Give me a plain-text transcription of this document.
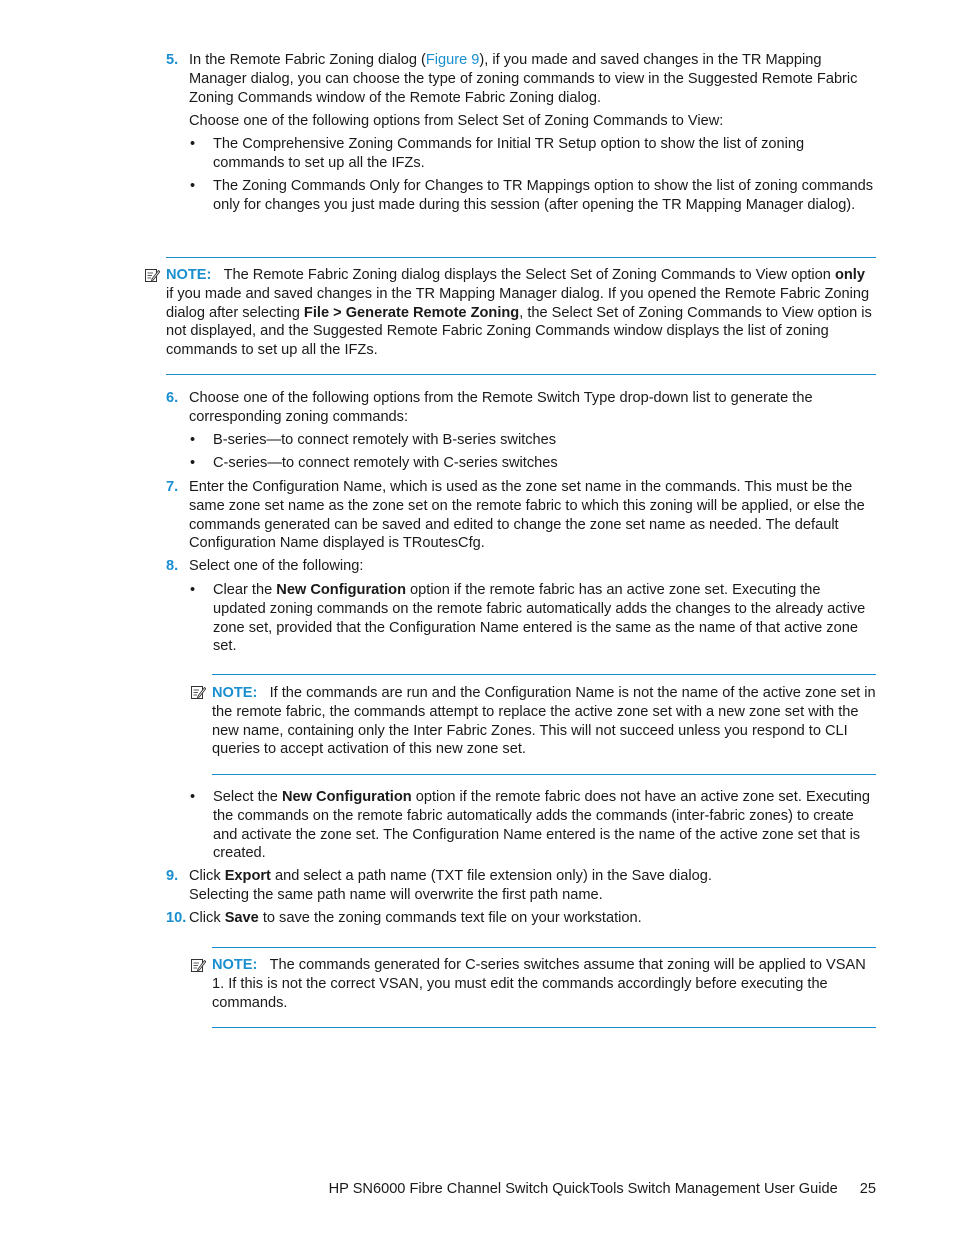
5. In the Remote Fabric Zoning dialog (Figure 9), if you made and saved changes in the TR Mapping Manager dialog, you can choose the type of zoning commands to view in the Suggested Remote Fabric Zoning Commands window of the Remote Fabric Zoning dialog.
Choose one of the following options from Select Set of Zoning Commands to View:
• The Comprehensive Zoning Commands for Initial TR Setup option to show the list of zoning commands to set up all the IFZs.
• The Zoning Commands Only for Changes to TR Mappings option to show the list of zoning commands only for changes you just made during this session (after opening the TR Mapping Manager dialog).
NOTE: The Remote Fabric Zoning dialog displays the Select Set of Zoning Commands to View option only if you made and saved changes in the TR Mapping Manager dialog. If you opened the Remote Fabric Zoning dialog after selecting File > Generate Remote Zoning, the Select Set of Zoning Commands to View option is not displayed, and the Suggested Remote Fabric Zoning Commands window displays the list of zoning commands to set up all the IFZs.
6. Choose one of the following options from the Remote Switch Type drop-down list to generate the corresponding zoning commands:
• B-series—to connect remotely with B-series switches
• C-series—to connect remotely with C-series switches
7. Enter the Configuration Name, which is used as the zone set name in the commands. This must be the same zone set name as the zone set on the remote fabric to which this zoning will be applied, or else the commands generated can be saved and edited to change the zone set name as needed. The default Configuration Name displayed is TRoutesCfg.
8. Select one of the following:
• Clear the New Configuration option if the remote fabric has an active zone set. Executing the updated zoning commands on the remote fabric automatically adds the changes to the already active zone set, provided that the Configuration Name entered is the same as the name of that active zone set.
NOTE: If the commands are run and the Configuration Name is not the name of the active zone set in the remote fabric, the commands attempt to replace the active zone set with a new zone set with the new name, containing only the Inter Fabric Zones. This will not succeed unless you respond to CLI queries to accept activation of this new zone set.
• Select the New Configuration option if the remote fabric does not have an active zone set. Executing the commands on the remote fabric automatically adds the commands (inter-fabric zones) to create and activate the zone set. The Configuration Name entered is the name of the active zone set that is created.
9. Click Export and select a path name (TXT file extension only) in the Save dialog.
Selecting the same path name will overwrite the first path name.
10. Click Save to save the zoning commands text file on your workstation.
NOTE: The commands generated for C-series switches assume that zoning will be applied to VSAN 1. If this is not the correct VSAN, you must edit the commands accordingly before executing the commands.
HP SN6000 Fibre Channel Switch QuickTools Switch Management User Guide 25
